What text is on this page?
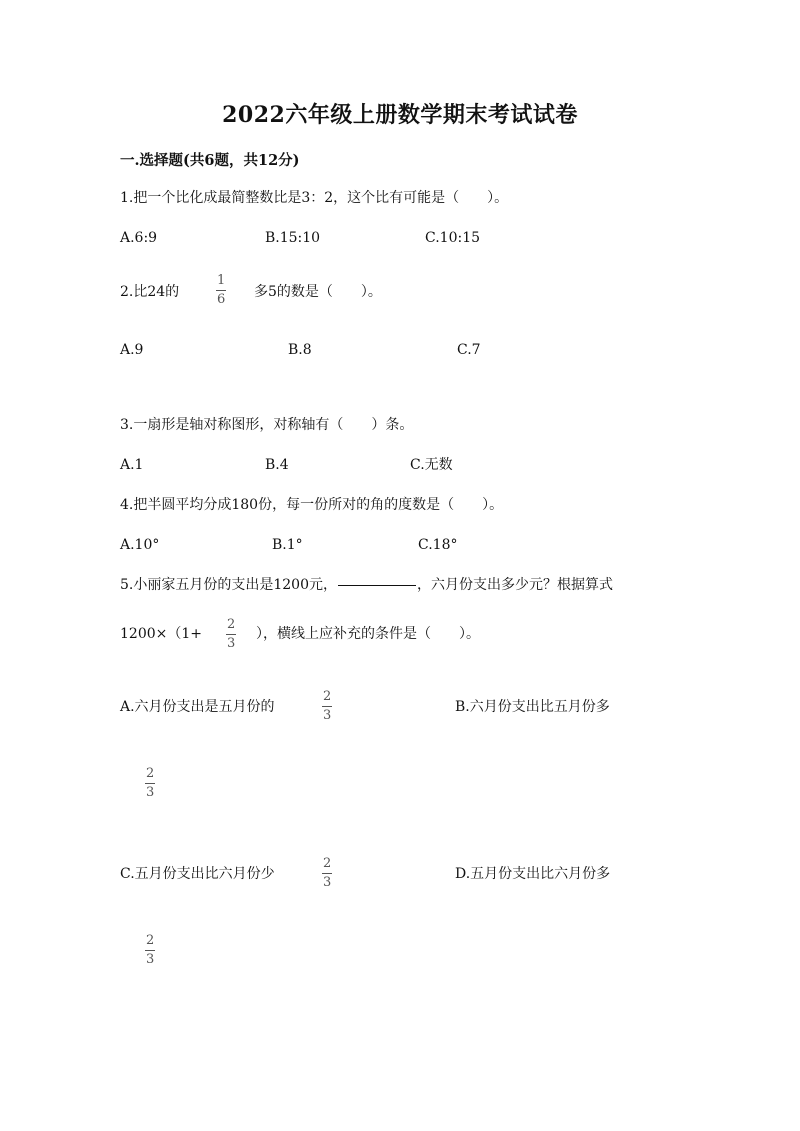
2022六年级上册数学期末考试试卷
一.选择题(共6题，共12分)
1.把一个比化成最简整数比是3：2，这个比有可能是（　　）。
A.6:9	B.15:10	C.10:15
2.比24的
1
6 多5的数是（　　）。
A.9	B.8	C.7
3.一扇形是轴对称图形，对称轴有（　　）条。
A.1	B.4	C.无数
4.把半圆平均分成180份，每一份所对的角的度数是（　　）。
A.10°	B.1°	C.18°
5.小丽家五月份的支出是1200元，	，六月份支出多少元？根据算式
1200×（1+
2
3
），横线上应补充的条件是（　　）。
A.六月份支出是五月份的
2
3
B.六月份支出比五月份多
2
3
C.五月份支出比六月份少
2
3
D.五月份支出比六月份多
2
3
